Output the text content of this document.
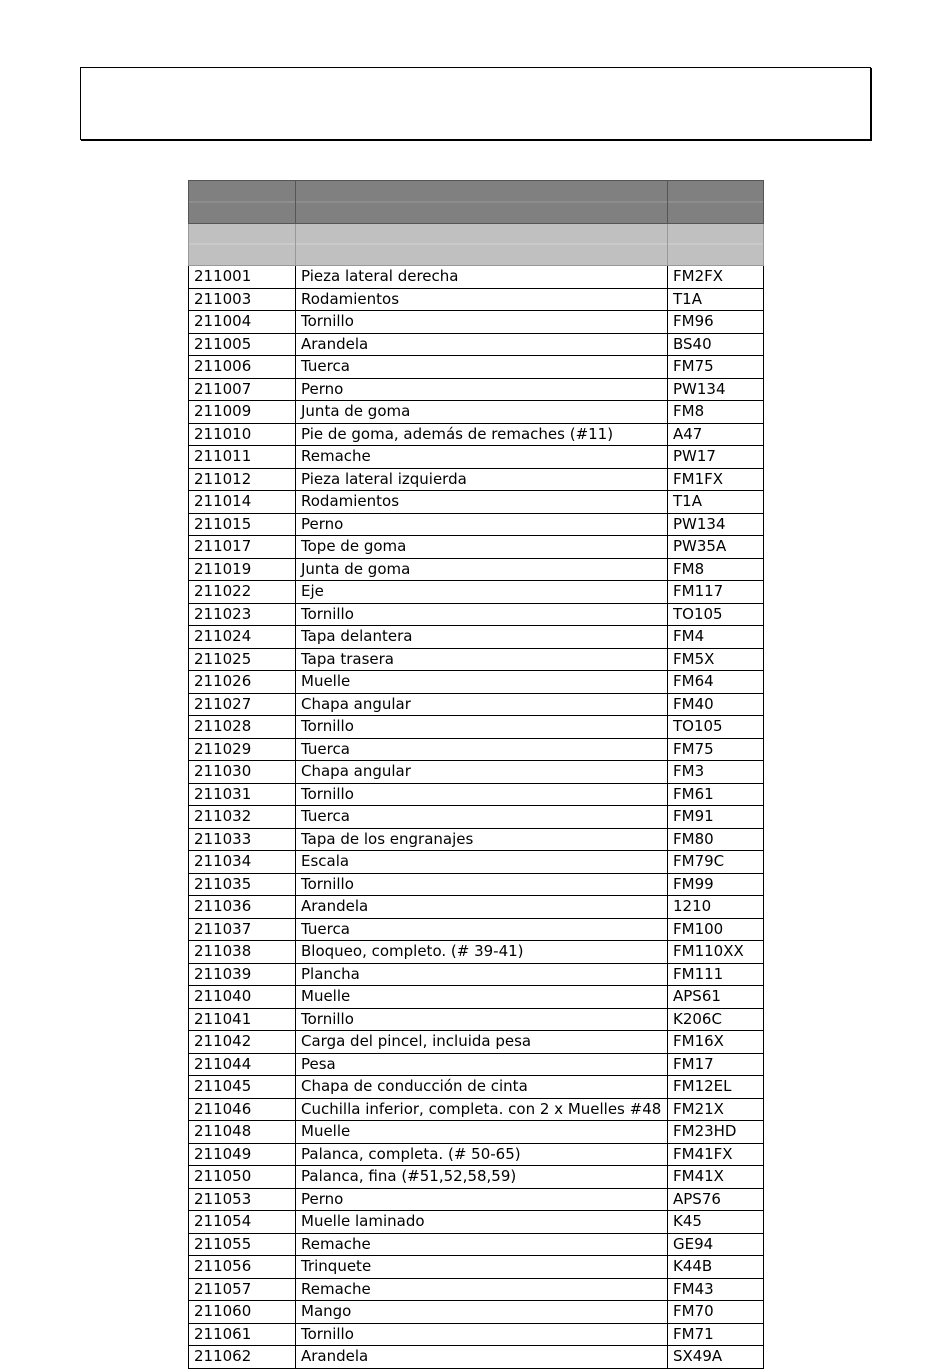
211001	Pieza lateral derecha	FM2FX
211003	Rodamientos	T1A
211004	Tornillo	FM96
211005	Arandela	BS40
211006	Tuerca	FM75
211007	Perno	PW134
211009	Junta de goma	FM8
211010	Pie de goma, además de remaches (#11)	A47
211011	Remache	PW17
211012	Pieza lateral izquierda	FM1FX
211014	Rodamientos	T1A
211015	Perno	PW134
211017	Tope de goma	PW35A
211019	Junta de goma	FM8
211022	Eje	FM117
211023	Tornillo	TO105
211024	Tapa delantera	FM4
211025	Tapa trasera	FM5X
211026	Muelle	FM64
211027	Chapa angular	FM40
211028	Tornillo	TO105
211029	Tuerca	FM75
211030	Chapa angular	FM3
211031	Tornillo	FM61
211032	Tuerca	FM91
211033	Tapa de los engranajes	FM80
211034	Escala	FM79C
211035	Tornillo	FM99
211036	Arandela	1210
211037	Tuerca	FM100
211038	Bloqueo, completo. (# 39-41)	FM110XX
211039	Plancha	FM111
211040	Muelle	APS61
211041	Tornillo	K206C
211042	Carga del pincel, incluida pesa	FM16X
211044	Pesa	FM17
211045	Chapa de conducción de cinta	FM12EL
211046	Cuchilla inferior, completa. con 2 x Muelles #48	FM21X
211048	Muelle	FM23HD
211049	Palanca, completa. (# 50-65)	FM41FX
211050	Palanca, fina (#51,52,58,59)	FM41X
211053	Perno	APS76
211054	Muelle laminado	K45
211055	Remache	GE94
211056	Trinquete	K44B
211057	Remache	FM43
211060	Mango	FM70
211061	Tornillo	FM71
211062	Arandela	SX49A
